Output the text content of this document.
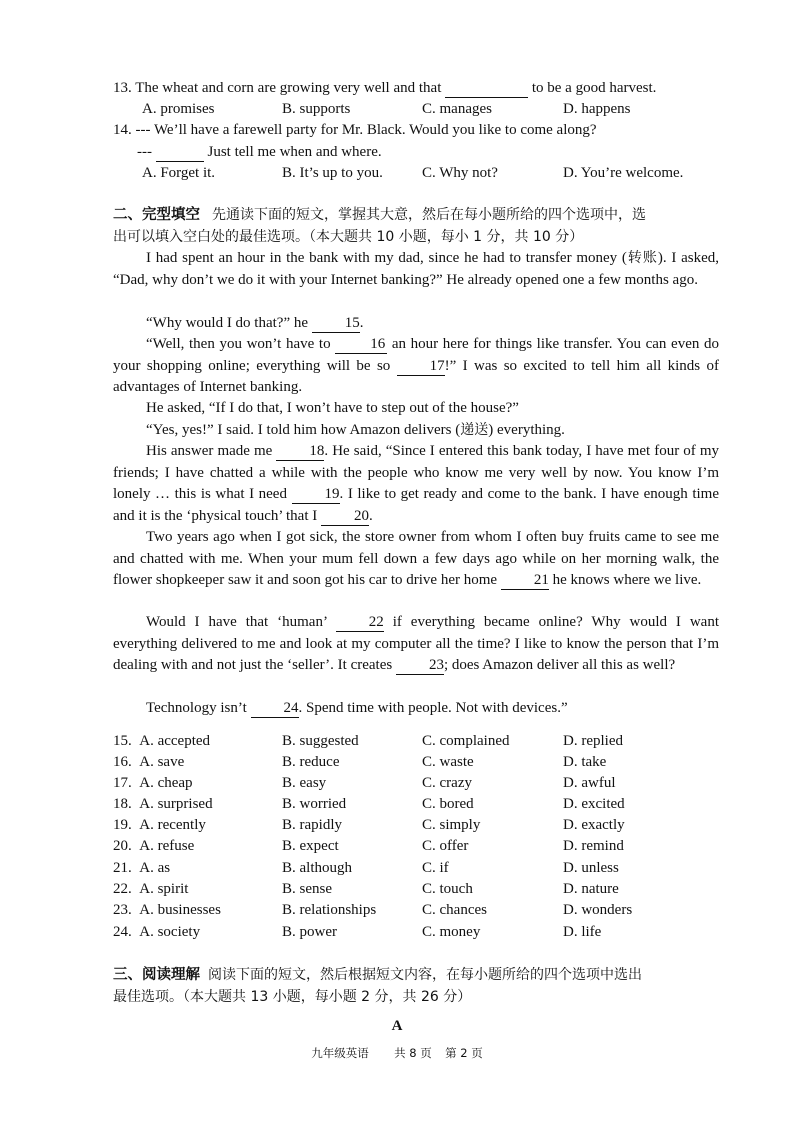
13. The wheat and corn are growing very well and that	to be a good harvest.
A. promises	B. supports	C. manages	D. happens
14. --- We’ll have a farewell party for Mr. Black. Would you like to come along?
---	Just tell me when and where.
A. Forget it.	B. It’s up to you.	C. Why not?	D. You’re welcome.
二、完型填空 先通读下面的短文，掌握其大意，然后在每小题所给的四个选项中，选
出可以填入空白处的最佳选项。（本大题共 10 小题，每小 1 分，共 10 分）
I had spent an hour in the bank with my dad, since he had to transfer money (转账). I asked, “Dad, why don’t we do it with your Internet banking?” He already opened one a few months ago.
“Why would I do that?” he 15.
“Well, then you won’t have to 16 an hour here for things like transfer. You can even do your shopping online; everything will be so 17!” I was so excited to tell him all kinds of advantages of Internet banking.
He asked, “If I do that, I won’t have to step out of the house?”
“Yes, yes!” I said. I told him how Amazon delivers (递送) everything.
His answer made me 18. He said, “Since I entered this bank today, I have met four of my friends; I have chatted a while with the people who know me very well by now. You know I’m lonely … this is what I need 19. I like to get ready and come to the bank. I have enough time and it is the ‘physical touch’ that I 20.
Two years ago when I got sick, the store owner from whom I often buy fruits came to see me and chatted with me. When your mum fell down a few days ago while on her morning walk, the flower shopkeeper saw it and soon got his car to drive her home 21 he knows where we live.
Would I have that ‘human’ 22 if everything became online? Why would I want everything delivered to me and look at my computer all the time? I like to know the person that I’m dealing with and not just the ‘seller’. It creates 23; does Amazon deliver all this as well?
Technology isn’t 24. Spend time with people. Not with devices.”
15. A. accepted	B. suggested	C. complained	D. replied
16. A. save	B. reduce	C. waste	D. take
17. A. cheap	B. easy	C. crazy	D. awful
18. A. surprised	B. worried	C. bored	D. excited
19. A. recently	B. rapidly	C. simply	D. exactly
20. A. refuse	B. expect	C. offer	D. remind
21. A. as	B. although	C. if	D. unless
22. A. spirit	B. sense	C. touch	D. nature
23. A. businesses	B. relationships	C. chances	D. wonders
24. A. society	B. power	C. money	D. life
三、阅读理解 阅读下面的短文，然后根据短文内容，在每小题所给的四个选项中选出
最佳选项。（本大题共 13 小题，每小题 2 分，共 26 分）
A
九年级英语 共 8 页 第 2 页
